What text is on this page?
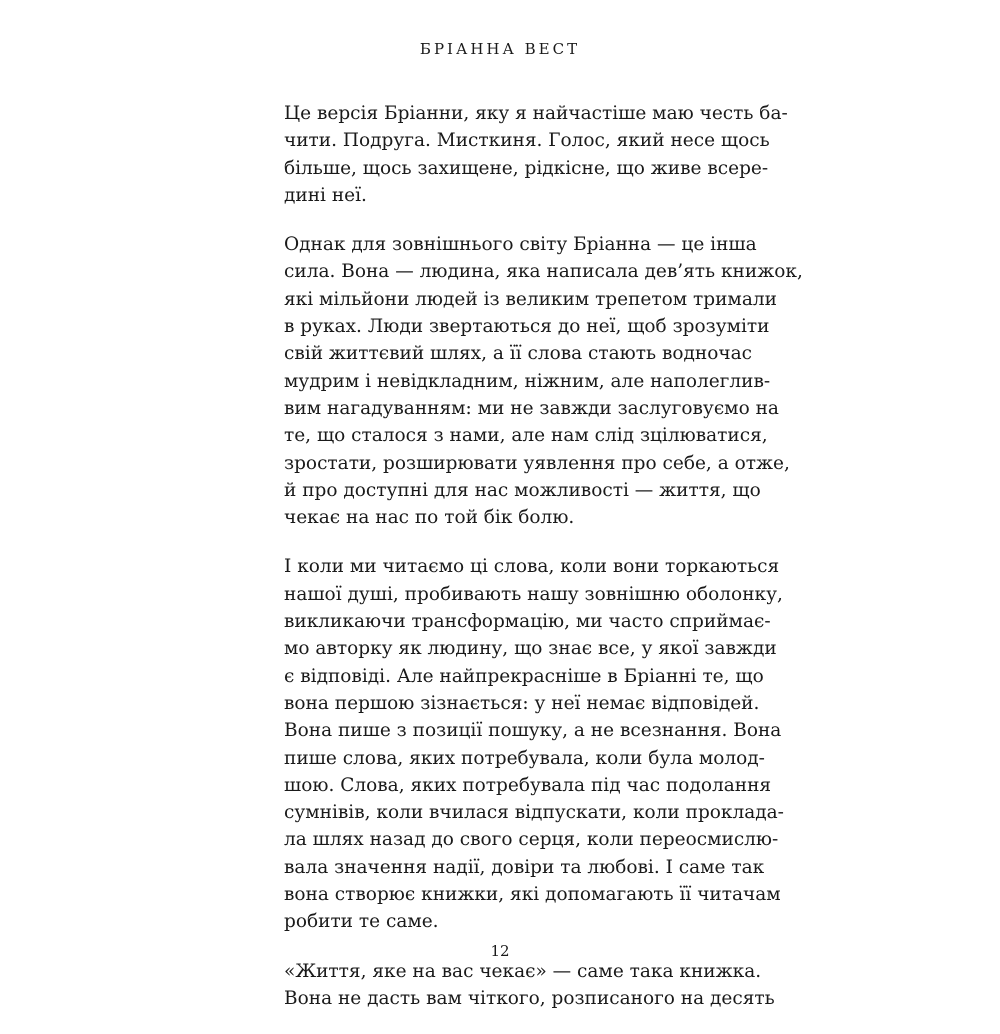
БРІАННА ВЕСТ
Це версія Бріанни, яку я найчастіше маю честь ба-
чити. Подруга. Мисткиня. Голос, який несе щось
більше, щось захищене, рідкісне, що живе всере-
дині неї.
Однак для зовнішнього світу Бріанна — це інша
сила. Вона — людина, яка написала дев’ять книжок,
які мільйони людей із великим трепетом тримали
в руках. Люди звертаються до неї, щоб зрозуміти
свій життєвий шлях, а її слова стають водночас
мудрим і невідкладним, ніжним, але наполеглив-
вим нагадуванням: ми не завжди заслуговуємо на
те, що сталося з нами, але нам слід зцілюватися,
зростати, розширювати уявлення про себе, а отже,
й про доступні для нас можливості — життя, що
чекає на нас по той бік болю.
І коли ми читаємо ці слова, коли вони торкаються
нашої душі, пробивають нашу зовнішню оболонку,
викликаючи трансформацію, ми часто сприймає-
мо авторку як людину, що знає все, у якої завжди
є відповіді. Але найпрекрасніше в Бріанні те, що
вона першою зізнається: у неї немає відповідей.
Вона пише з позиції пошуку, а не всезнання. Вона
пише слова, яких потребувала, коли була молод-
шою. Слова, яких потребувала під час подолання
сумнівів, коли вчилася відпускати, коли проклада-
ла шлях назад до свого серця, коли переосмислю-
вала значення надії, довіри та любові. І саме так
вона створює книжки, які допомагають її читачам
робити те саме.
«Життя, яке на вас чекає» — саме така книжка.
Вона не дасть вам чіткого, розписаного на десять
12
